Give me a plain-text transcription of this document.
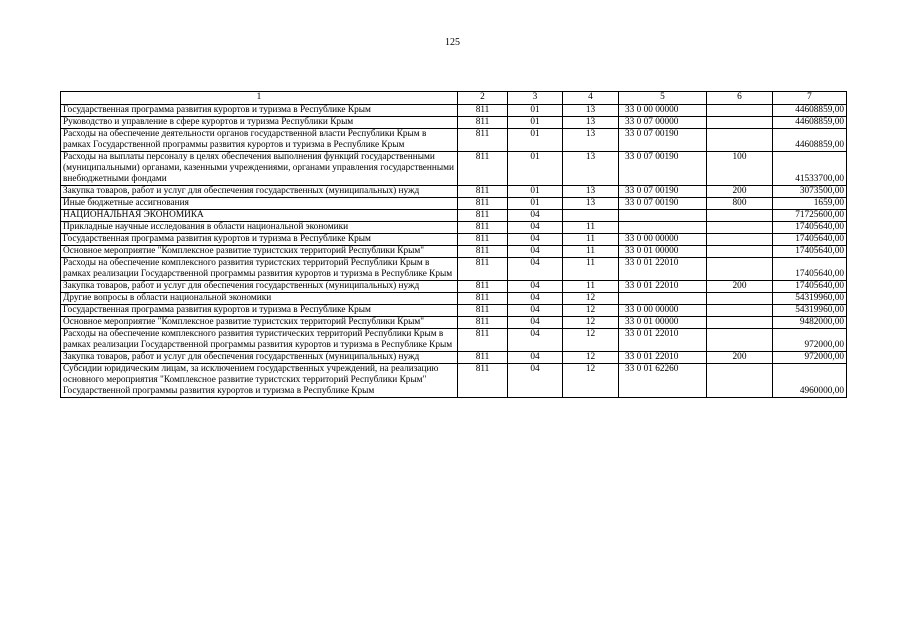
125
1	2	3	4	5	6	7
Государственная программа развития курортов и туризма в Республике Крым	811	01	13	33 0 00 00000		44608859,00
Руководство и управление в сфере курортов и туризма Республики Крым	811	01	13	33 0 07 00000		44608859,00
Расходы на обеспечение деятельности органов государственной власти Республики Крым в рамках Государственной программы развития курортов и туризма в Республике Крым	811	01	13	33 0 07 00190		44608859,00
Расходы на выплаты персоналу в целях обеспечения выполнения функций государственными (муниципальными) органами, казенными учреждениями, органами управления государственными внебюджетными фондами	811	01	13	33 0 07 00190	100	41533700,00
Закупка товаров, работ и услуг для обеспечения государственных (муниципальных) нужд	811	01	13	33 0 07 00190	200	3073500,00
Иные бюджетные ассигнования	811	01	13	33 0 07 00190	800	1659,00
НАЦИОНАЛЬНАЯ ЭКОНОМИКА	811	04				71725600,00
Прикладные научные исследования в области национальной экономики	811	04	11			17405640,00
Государственная программа развития курортов и туризма в Республике Крым	811	04	11	33 0 00 00000		17405640,00
Основное мероприятие "Комплексное развитие туристских территорий Республики Крым"	811	04	11	33 0 01 00000		17405640,00
Расходы на обеспечение комплексного развития туристских территорий Республики Крым в рамках реализации Государственной программы развития курортов и туризма в Республике Крым	811	04	11	33 0 01 22010		17405640,00
Закупка товаров, работ и услуг для обеспечения государственных (муниципальных) нужд	811	04	11	33 0 01 22010	200	17405640,00
Другие вопросы в области национальной экономики	811	04	12			54319960,00
Государственная программа развития курортов и туризма в Республике Крым	811	04	12	33 0 00 00000		54319960,00
Основное мероприятие "Комплексное развитие туристских территорий Республики Крым"	811	04	12	33 0 01 00000		9482000,00
Расходы на обеспечение комплексного развития туристических территорий Республики Крым в рамках реализации Государственной программы развития курортов и туризма в Республике Крым	811	04	12	33 0 01 22010		972000,00
Закупка товаров, работ и услуг для обеспечения государственных (муниципальных) нужд	811	04	12	33 0 01 22010	200	972000,00
Субсидии юридическим лицам, за исключением государственных учреждений, на реализацию основного мероприятия "Комплексное развитие туристских территорий Республики Крым" Государственной программы развития курортов и туризма в Республике Крым	811	04	12	33 0 01 62260		4960000,00
